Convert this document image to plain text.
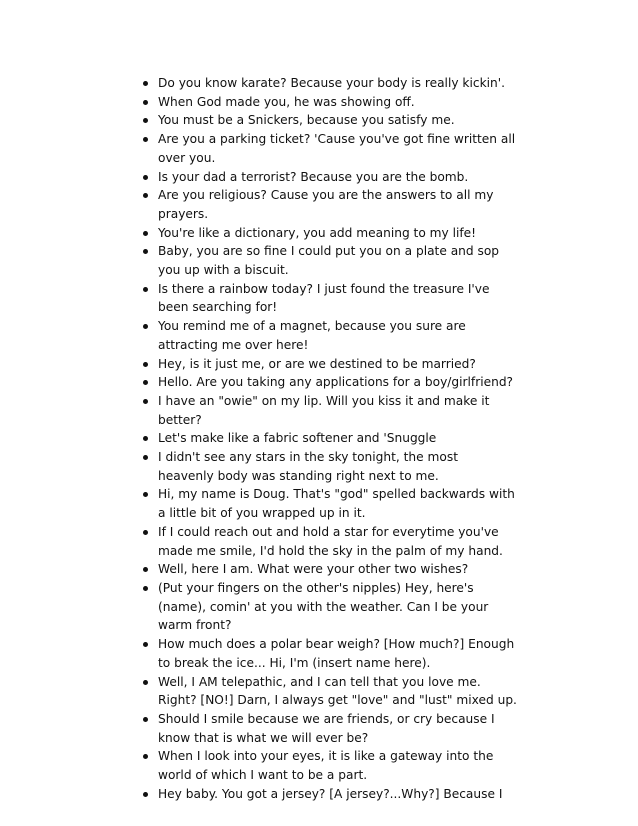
Do you know karate? Because your body is really kickin'.
When God made you, he was showing off.
You must be a Snickers, because you satisfy me.
Are you a parking ticket? 'Cause you've got fine written all over you.
Is your dad a terrorist? Because you are the bomb.
Are you religious? Cause you are the answers to all my prayers.
You're like a dictionary, you add meaning to my life!
Baby, you are so fine I could put you on a plate and sop you up with a biscuit.
Is there a rainbow today? I just found the treasure I've been searching for!
You remind me of a magnet, because you sure are attracting me over here!
Hey, is it just me, or are we destined to be married?
Hello. Are you taking any applications for a boy/girlfriend?
I have an "owie" on my lip. Will you kiss it and make it better?
Let's make like a fabric softener and 'Snuggle
I didn't see any stars in the sky tonight, the most heavenly body was standing right next to me.
Hi, my name is Doug. That's "god" spelled backwards with a little bit of you wrapped up in it.
If I could reach out and hold a star for everytime you've made me smile, I'd hold the sky in the palm of my hand.
Well, here I am. What were your other two wishes?
(Put your fingers on the other's nipples) Hey, here's (name), comin' at you with the weather. Can I be your warm front?
How much does a polar bear weigh? [How much?] Enough to break the ice... Hi, I'm (insert name here).
Well, I AM telepathic, and I can tell that you love me. Right? [NO!] Darn, I always get "love" and "lust" mixed up.
Should I smile because we are friends, or cry because I know that is what we will ever be?
When I look into your eyes, it is like a gateway into the world of which I want to be a part.
Hey baby. You got a jersey? [A jersey?...Why?] Because I
